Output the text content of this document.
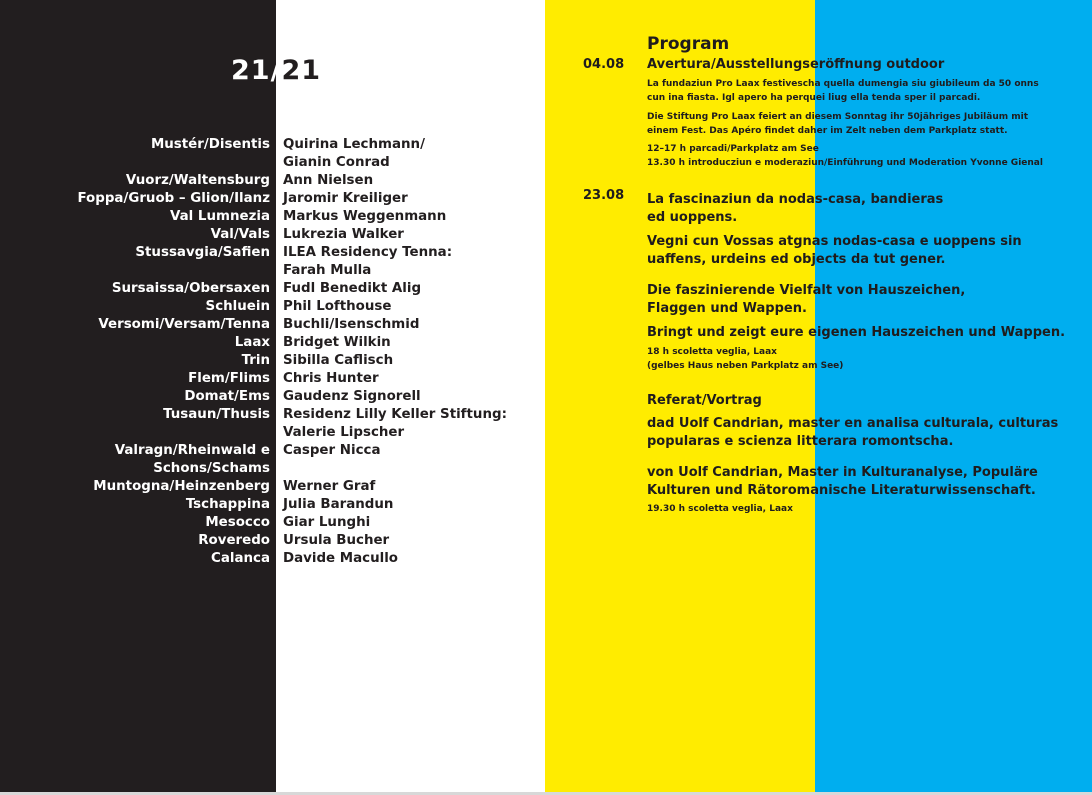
21/21
Mustér/Disentis
Vuorz/Waltensburg
Foppa/Gruob – Glion/Ilanz
Val Lumnezia
Val/Vals
Stussavgia/Safien
Sursaissa/Obersaxen
Schluein
Versomi/Versam/Tenna
Laax
Trin
Flem/Flims
Domat/Ems
Tusaun/Thusis
Valragn/Rheinwald e
Schons/Schams
Muntogna/Heinzenberg
Tschappina
Mesocco
Roveredo
Calanca
Quirina Lechmann/
Gianin Conrad
Ann Nielsen
Jaromir Kreiliger
Markus Weggenmann
Lukrezia Walker
ILEA Residency Tenna:
Farah Mulla
Fudl Benedikt Alig
Phil Lofthouse
Buchli/Isenschmid
Bridget Wilkin
Sibilla Caflisch
Chris Hunter
Gaudenz Signorell
Residenz Lilly Keller Stiftung:
Valerie Lipscher
Casper Nicca
Werner Graf
Julia Barandun
Giar Lunghi
Ursula Bucher
Davide Macullo
Program
04.08 Avertura/Ausstellungseröffnung outdoor
La fundaziun Pro Laax festivescha quella dumengia siu giubileum da 50 onns
cun ina fiasta. Igl apero ha perquei liug ella tenda sper il parcadi.
Die Stiftung Pro Laax feiert an diesem Sonntag ihr 50jähriges Jubiläum mit
einem Fest. Das Apéro findet daher im Zelt neben dem Parkplatz statt.
12–17 h parcadi/Parkplatz am See
13.30 h introducziun e moderaziun/Einführung und Moderation Yvonne Gienal
23.08 La fascinaziun da nodas-casa, bandieras
ed uoppens.
Vegni cun Vossas atgnas nodas-casa e uoppens sin
uaffens, urdeins ed objects da tut gener.
Die faszinierende Vielfalt von Hauszeichen,
Flaggen und Wappen.
Bringt und zeigt eure eigenen Hauszeichen und Wappen.
18 h scoletta veglia, Laax
(gelbes Haus neben Parkplatz am See)
Referat/Vortrag
dad Uolf Candrian, master en analisa culturala, culturas
popularas e scienza litterara romontscha.
von Uolf Candrian, Master in Kulturanalyse, Populäre
Kulturen und Rätoromanische Literaturwissenschaft.
19.30 h scoletta veglia, Laax
